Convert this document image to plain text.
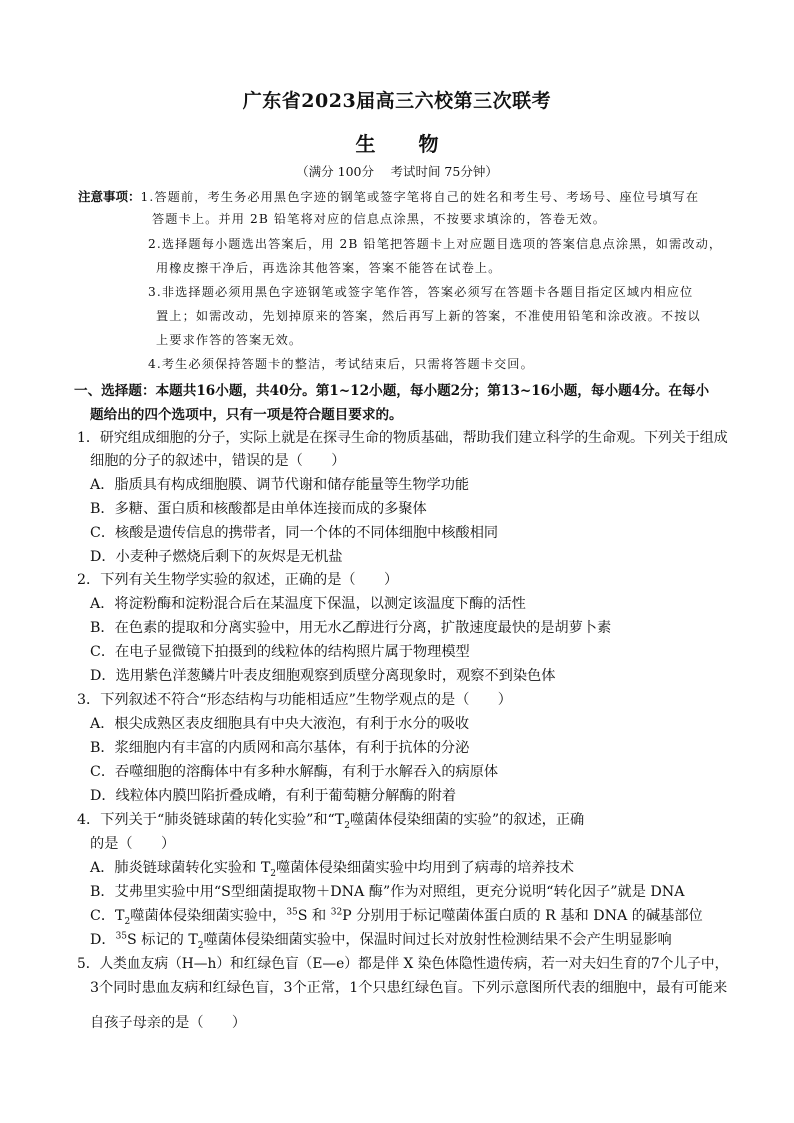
广东省2023届高三六校第三次联考
生 物
（满分 100分　 考试时间 75分钟）
注意事项：1.答题前，考生务必用黑色字迹的钢笔或签字笔将自己的姓名和考生号、考场号、座位号填写在
答题卡上。并用 2B 铅笔将对应的信息点涂黑，不按要求填涂的，答卷无效。
2.选择题每小题选出答案后，用 2B 铅笔把答题卡上对应题目选项的答案信息点涂黑，如需改动，
用橡皮擦干净后，再选涂其他答案，答案不能答在试卷上。
3.非选择题必须用黑色字迹钢笔或签字笔作答，答案必须写在答题卡各题目指定区域内相应位
置上；如需改动，先划掉原来的答案，然后再写上新的答案，不准使用铅笔和涂改液。不按以
上要求作答的答案无效。
4.考生必须保持答题卡的整洁，考试结束后，只需将答题卡交回。
一、选择题：本题共16小题，共40分。第1~12小题，每小题2分；第13~16小题，每小题4分。在每小
题给出的四个选项中，只有一项是符合题目要求的。
1．研究组成细胞的分子，实际上就是在探寻生命的物质基础，帮助我们建立科学的生命观。下列关于组成
细胞的分子的叙述中，错误的是（　　）
A．脂质具有构成细胞膜、调节代谢和储存能量等生物学功能
B．多糖、蛋白质和核酸都是由单体连接而成的多聚体
C．核酸是遗传信息的携带者，同一个体的不同体细胞中核酸相同
D．小麦种子燃烧后剩下的灰烬是无机盐
2．下列有关生物学实验的叙述，正确的是（　　）
A．将淀粉酶和淀粉混合后在某温度下保温，以测定该温度下酶的活性
B．在色素的提取和分离实验中，用无水乙醇进行分离，扩散速度最快的是胡萝卜素
C．在电子显微镜下拍摄到的线粒体的结构照片属于物理模型
D．选用紫色洋葱鳞片叶表皮细胞观察到质壁分离现象时，观察不到染色体
3．下列叙述不符合“形态结构与功能相适应”生物学观点的是（　　）
A．根尖成熟区表皮细胞具有中央大液泡，有利于水分的吸收
B．浆细胞内有丰富的内质网和高尔基体，有利于抗体的分泌
C．吞噬细胞的溶酶体中有多种水解酶，有利于水解吞入的病原体
D．线粒体内膜凹陷折叠成嵴，有利于葡萄糖分解酶的附着
4．下列关于“肺炎链球菌的转化实验”和“$T_2$噬菌体侵染细菌的实验”的叙述，正确
的是（　　）
A．肺炎链球菌转化实验和 $T_2$噬菌体侵染细菌实验中均用到了病毒的培养技术
B．艾弗里实验中用“S型细菌提取物＋DNA 酶”作为对照组，更充分说明“转化因子”就是 DNA
C．$T_2$噬菌体侵染细菌实验中，$^{35}$S 和 $^{32}$P 分别用于标记噬菌体蛋白质的 R 基和 DNA 的碱基部位
D．$^{35}$S 标记的 $T_2$噬菌体侵染细菌实验中，保温时间过长对放射性检测结果不会产生明显影响
5．人类血友病（H—h）和红绿色盲（E—e）都是伴 X 染色体隐性遗传病，若一对夫妇生育的7个儿子中，
3个同时患血友病和红绿色盲，3个正常，1个只患红绿色盲。下列示意图所代表的细胞中，最有可能来
自孩子母亲的是（　　）
